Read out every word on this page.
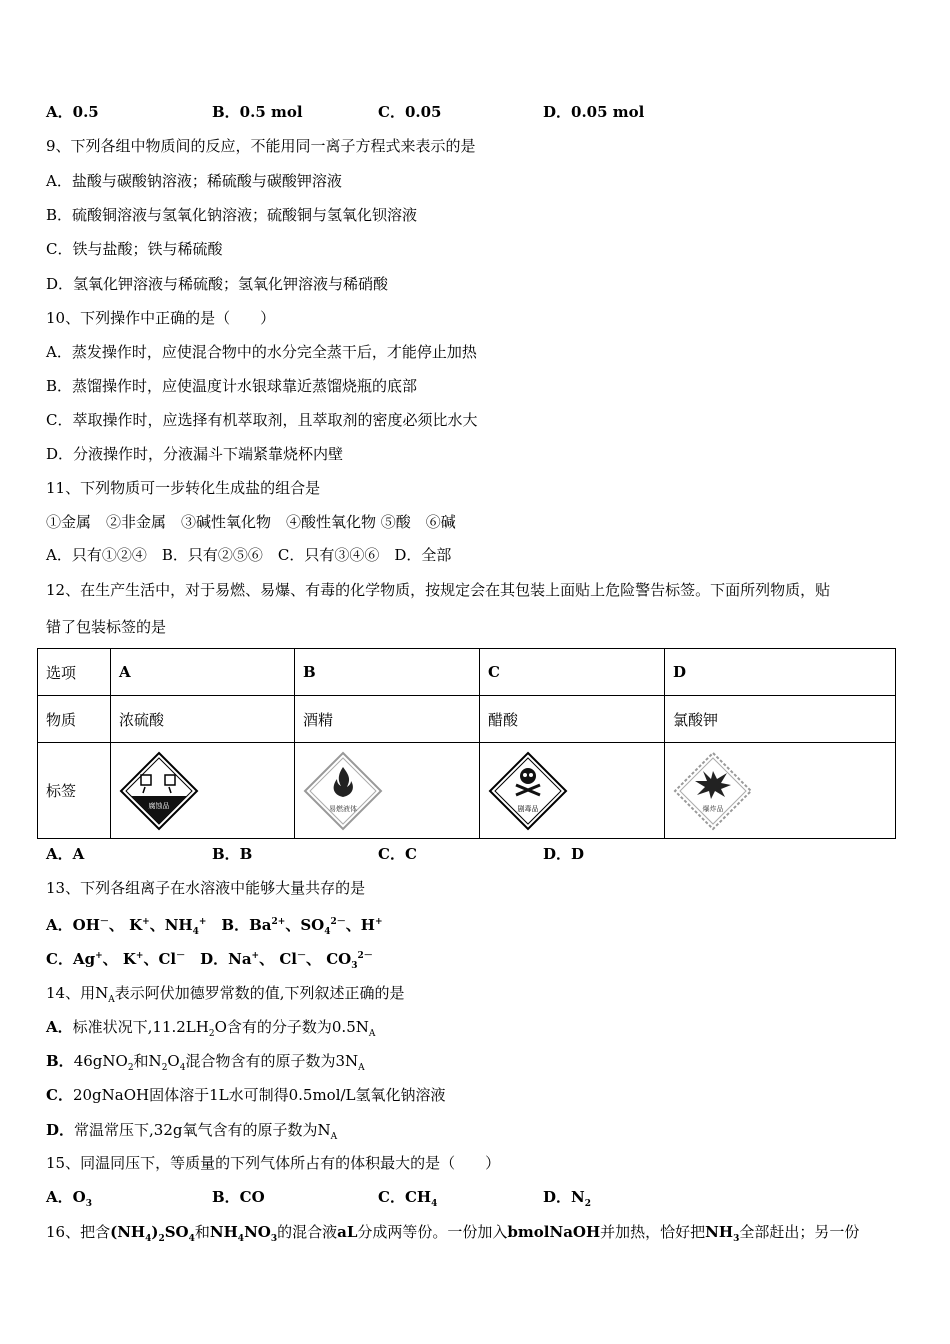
A．0.5	B．0.5 mol	C．0.05	D．0.05 mol
9、下列各组中物质间的反应，不能用同一离子方程式来表示的是
A．盐酸与碳酸钠溶液；稀硫酸与碳酸钾溶液
B．硫酸铜溶液与氢氧化钠溶液；硫酸铜与氢氧化钡溶液
C．铁与盐酸；铁与稀硫酸
D．氢氧化钾溶液与稀硫酸；氢氧化钾溶液与稀硝酸
10、下列操作中正确的是（　　）
A．蒸发操作时，应使混合物中的水分完全蒸干后，才能停止加热
B．蒸馏操作时，应使温度计水银球靠近蒸馏烧瓶的底部
C．萃取操作时，应选择有机萃取剂，且萃取剂的密度必须比水大
D．分液操作时，分液漏斗下端紧靠烧杯内壁
11、下列物质可一步转化生成盐的组合是
①金属　②非金属　③碱性氧化物　④酸性氧化物 ⑤酸　⑥碱
A．只有①②④　B．只有②⑤⑥　C．只有③④⑥　D．全部
12、在生产生活中，对于易燃、易爆、有毒的化学物质，按规定会在其包装上面贴上危险警告标签。下面所列物质，贴
错了包装标签的是
选项	A	B	C	D
物质	浓硫酸	酒精	醋酸	氯酸钾
标签	腐蚀品	易燃液体	剧毒品	爆炸品
A．A	B．B	C．C	D．D
13、下列各组离子在水溶液中能够大量共存的是
A．OH－、 K+、$NH_4^+$　B．$Ba^{2+}$、$SO_4^{2-}$、H+
C．Ag+、 K+、Cl－　D．Na+、 Cl－、 $CO_3^{2-}$
14、用$N_A$表示阿伏加德罗常数的值,下列叙述正确的是
A．标准状况下$,11.2LH_2O$含有的分子数为$0.5N_A$
B．46gNO$_2$和$N_2O_4$混合物含有的原子数为$3N_A$
C．20gNaOH固体溶于1L水可制得0.5mol/L氢氧化钠溶液
D．常温常压下,32g氧气含有的原子数为$N_A$
15、同温同压下，等质量的下列气体所占有的体积最大的是（　　）
A．$O_3$	B．CO	C．$CH_4$	D．$N_2$
16、把含$(NH_4)_2SO_4$和$NH_4NO_3$的混合液aL分成两等份。一份加入bmolNaOH并加热，恰好把$NH_3$全部赶出；另一份
